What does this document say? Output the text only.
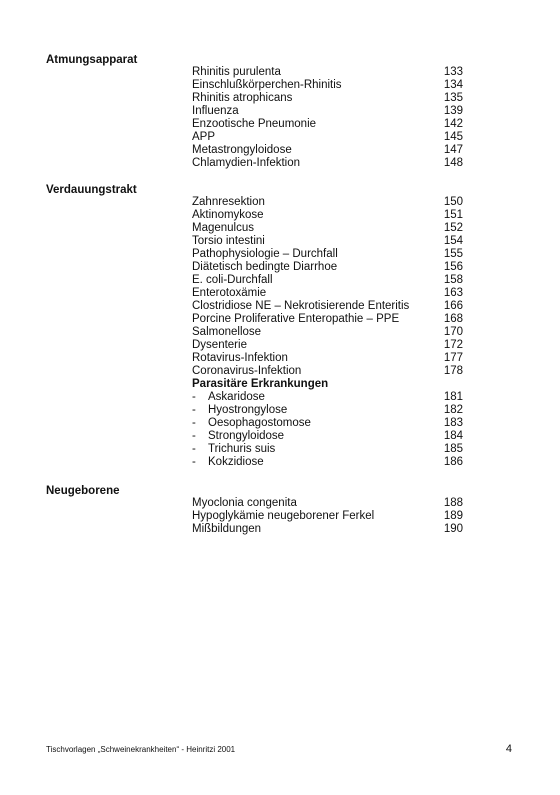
Atmungsapparat
Rhinitis purulenta	133
Einschlußkörperchen-Rhinitis	134
Rhinitis atrophicans	135
Influenza	139
Enzootische Pneumonie	142
APP	145
Metastrongyloidose	147
Chlamydien-Infektion	148
Verdauungstrakt
Zahnresektion	150
Aktinomykose	151
Magenulcus	152
Torsio intestini	154
Pathophysiologie – Durchfall	155
Diätetisch bedingte Diarrhoe	156
E. coli-Durchfall	158
Enterotoxämie	163
Clostridiose NE – Nekrotisierende Enteritis	166
Porcine Proliferative Enteropathie – PPE	168
Salmonellose	170
Dysenterie	172
Rotavirus-Infektion	177
Coronavirus-Infektion	178
Parasitäre Erkrankungen
- Askaridose	181
- Hyostrongylose	182
- Oesophagostomose	183
- Strongyloidose	184
- Trichuris suis	185
- Kokzidiose	186
Neugeborene
Myoclonia congenita	188
Hypoglykämie neugeborener Ferkel	189
Mißbildungen	190
Tischvorlagen „Schweinekrankheiten“ - Heinritzi 2001	4
